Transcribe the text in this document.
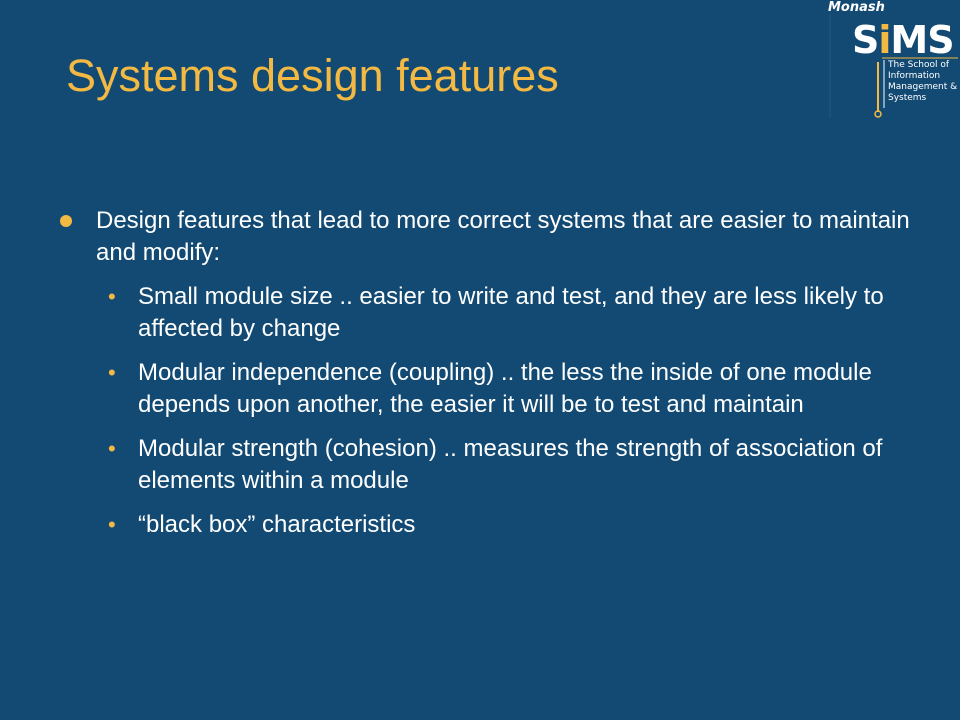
Systems design features
Monash
SiMS
The School of
Information
Management &
Systems
Design features that lead to more correct systems that are easier to maintain and modify:
• Small module size .. easier to write and test, and they are less likely to affected by change
• Modular independence (coupling) .. the less the inside of one module depends upon another, the easier it will be to test and maintain
• Modular strength (cohesion) .. measures the strength of association of elements within a module
• “black box” characteristics
